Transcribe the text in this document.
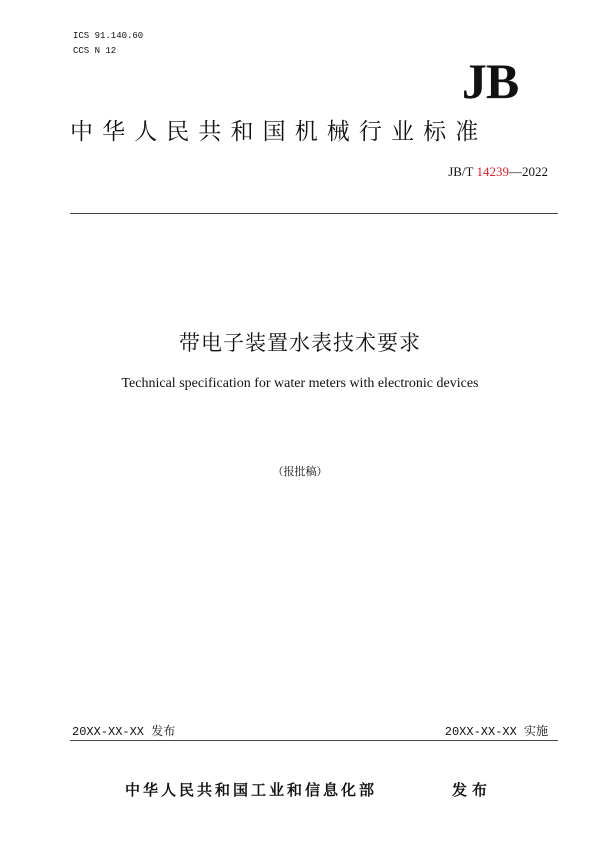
ICS 91.140.60
CCS N 12
JB
中华人民共和国机械行业标准
JB/T 14239—2022
带电子装置水表技术要求
Technical specification for water meters with electronic devices
（报批稿）
20XX-XX-XX 发布	20XX-XX-XX 实施
中华人民共和国工业和信息化部	发布
